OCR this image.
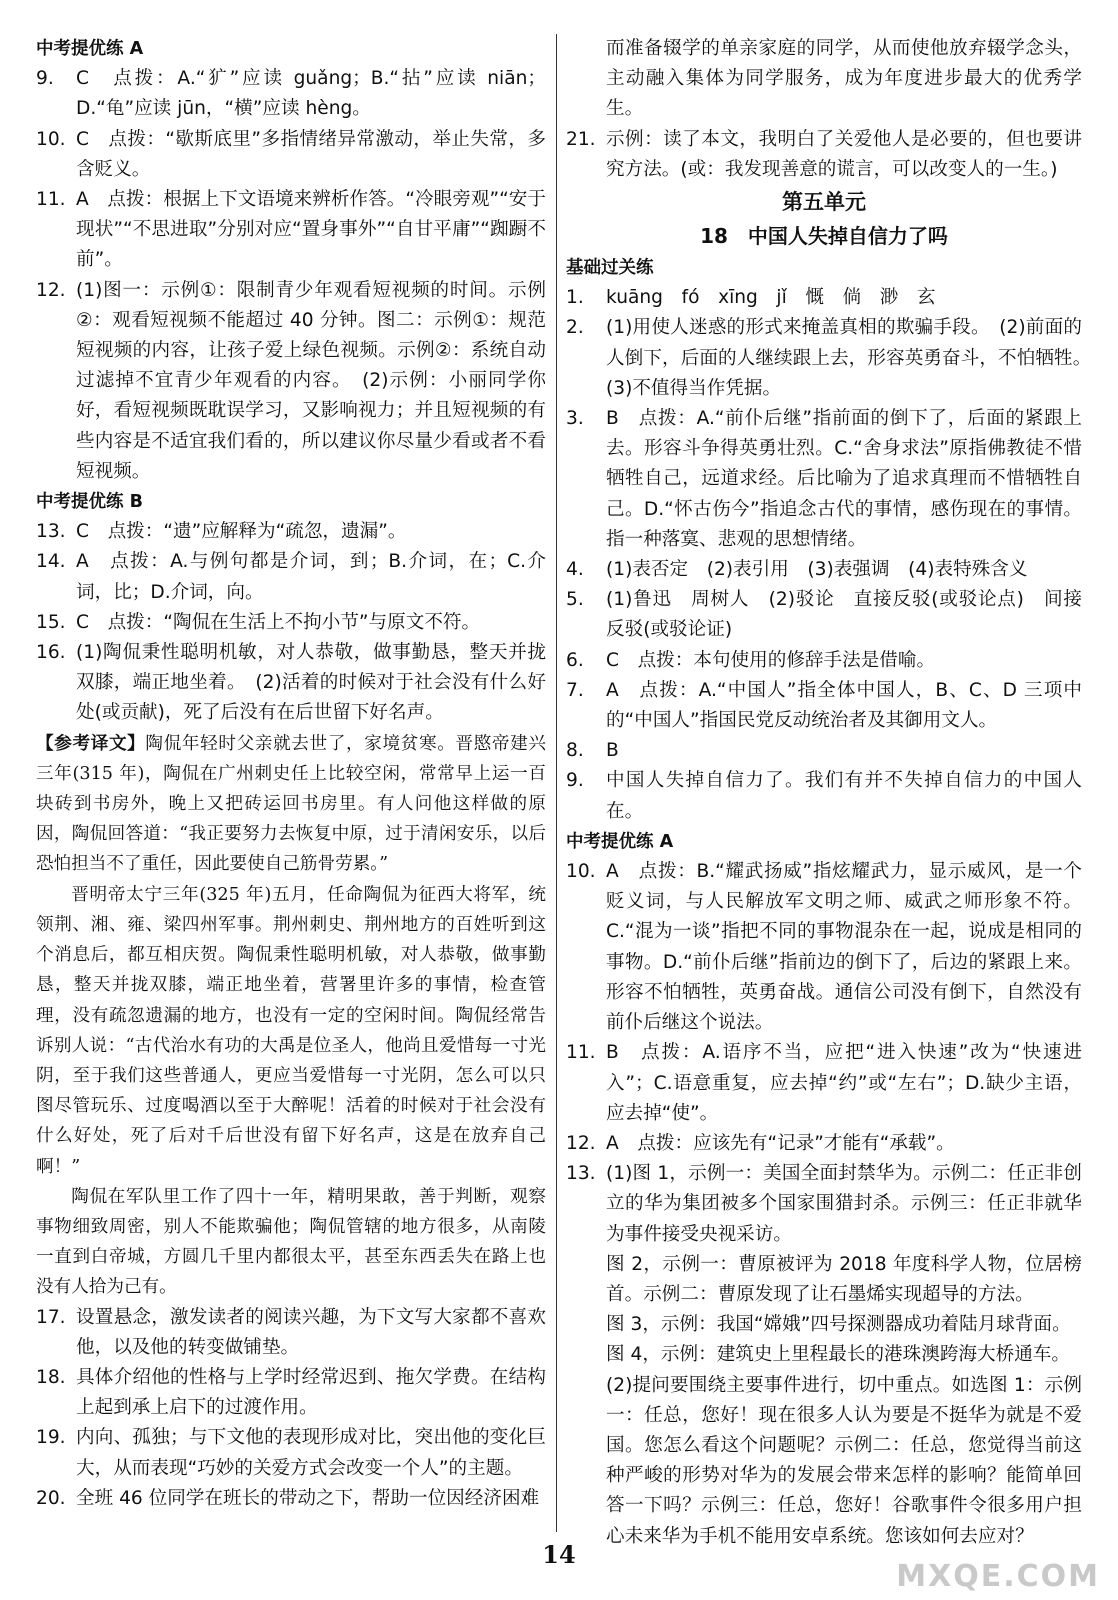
中考提优练 A
9.	C　点拨：A.“犷”应读 guǎng；B.“拈”应读 niān；D.“龟”应读 jūn，“横”应读 hèng。
10. C　点拨：“歇斯底里”多指情绪异常激动，举止失常，多含贬义。
11. A　点拨：根据上下文语境来辨析作答。“冷眼旁观”“安于现状”“不思进取”分别对应“置身事外”“自甘平庸”“踟蹰不前”。
12. (1)图一：示例①：限制青少年观看短视频的时间。示例②：观看短视频不能超过 40 分钟。图二：示例①：规范短视频的内容，让孩子爱上绿色视频。示例②：系统自动过滤掉不宜青少年观看的内容。　(2)示例：小丽同学你好，看短视频既耽误学习，又影响视力；并且短视频的有些内容是不适宜我们看的，所以建议你尽量少看或者不看短视频。
中考提优练 B
13. C　点拨：“遗”应解释为“疏忽，遗漏”。
14. A　点拨：A.与例句都是介词，到；B.介词，在；C.介词，比；D.介词，向。
15. C　点拨：“陶侃在生活上不拘小节”与原文不符。
16. (1)陶侃秉性聪明机敏，对人恭敬，做事勤恳，整天并拢双膝，端正地坐着。　(2)活着的时候对于社会没有什么好处(或贡献)，死了后没有在后世留下好名声。
【参考译文】陶侃年轻时父亲就去世了，家境贫寒。晋愍帝建兴三年(315 年)，陶侃在广州刺史任上比较空闲，常常早上运一百块砖到书房外，晚上又把砖运回书房里。有人问他这样做的原因，陶侃回答道：“我正要努力去恢复中原，过于清闲安乐，以后恐怕担当不了重任，因此要使自己筋骨劳累。”
晋明帝太宁三年(325 年)五月，任命陶侃为征西大将军，统领荆、湘、雍、梁四州军事。荆州刺史、荆州地方的百姓听到这个消息后，都互相庆贺。陶侃秉性聪明机敏，对人恭敬，做事勤恳，整天并拢双膝，端正地坐着，营署里许多的事情，检查管理，没有疏忽遗漏的地方，也没有一定的空闲时间。陶侃经常告诉别人说：“古代治水有功的大禹是位圣人，他尚且爱惜每一寸光阴，至于我们这些普通人，更应当爱惜每一寸光阴，怎么可以只图尽管玩乐、过度喝酒以至于大醉呢！活着的时候对于社会没有什么好处，死了后对千后世没有留下好名声，这是在放弃自己啊！”
陶侃在军队里工作了四十一年，精明果敢，善于判断，观察事物细致周密，别人不能欺骗他；陶侃管辖的地方很多，从南陵一直到白帝城，方圆几千里内都很太平，甚至东西丢失在路上也没有人拾为己有。
17. 设置悬念，激发读者的阅读兴趣，为下文写大家都不喜欢他，以及他的转变做铺垫。
18. 具体介绍他的性格与上学时经常迟到、拖欠学费。在结构上起到承上启下的过渡作用。
19. 内向、孤独；与下文他的表现形成对比，突出他的变化巨大，从而表现“巧妙的关爱方式会改变一个人”的主题。
20. 全班 46 位同学在班长的带动之下，帮助一位因经济困难
而准备辍学的单亲家庭的同学，从而使他放弃辍学念头，主动融入集体为同学服务，成为年度进步最大的优秀学生。
21. 示例：读了本文，我明白了关爱他人是必要的，但也要讲究方法。(或：我发现善意的谎言，可以改变人的一生。)
第五单元
18　中国人失掉自信力了吗
基础过关练
1.	kuāng　fó　xīng　jǐ　慨　倘　渺　玄
2.	(1)用使人迷惑的形式来掩盖真相的欺骗手段。　(2)前面的人倒下，后面的人继续跟上去，形容英勇奋斗，不怕牺牲。　(3)不值得当作凭据。
3.	B　点拨：A.“前仆后继”指前面的倒下了，后面的紧跟上去。形容斗争得英勇壮烈。C.“舍身求法”原指佛教徒不惜牺牲自己，远道求经。后比喻为了追求真理而不惜牺牲自己。D.“怀古伤今”指追念古代的事情，感伤现在的事情。指一种落寞、悲观的思想情绪。
4.	(1)表否定　(2)表引用　(3)表强调　(4)表特殊含义
5.	(1)鲁迅　周树人　(2)驳论　直接反驳(或驳论点)　间接反驳(或驳论证)
6.	C　点拨：本句使用的修辞手法是借喻。
7.	A　点拨：A.“中国人”指全体中国人，B、C、D 三项中的“中国人”指国民党反动统治者及其御用文人。
8.	B
9.	中国人失掉自信力了。我们有并不失掉自信力的中国人在。
中考提优练 A
10. A　点拨：B.“耀武扬威”指炫耀武力，显示威风，是一个贬义词，与人民解放军文明之师、威武之师形象不符。C.“混为一谈”指把不同的事物混杂在一起，说成是相同的事物。D.“前仆后继”指前边的倒下了，后边的紧跟上来。形容不怕牺牲，英勇奋战。通信公司没有倒下，自然没有前仆后继这个说法。
11. B　点拨：A.语序不当，应把“进入快速”改为“快速进入”；C.语意重复，应去掉“约”或“左右”；D.缺少主语，应去掉“使”。
12. A　点拨：应该先有“记录”才能有“承载”。
13. (1)图 1，示例一：美国全面封禁华为。示例二：任正非创立的华为集团被多个国家围猎封杀。示例三：任正非就华为事件接受央视采访。
图 2，示例一：曹原被评为 2018 年度科学人物，位居榜首。示例二：曹原发现了让石墨烯实现超导的方法。
图 3，示例：我国“嫦娥”四号探测器成功着陆月球背面。
图 4，示例：建筑史上里程最长的港珠澳跨海大桥通车。
(2)提问要围绕主要事件进行，切中重点。如选图 1：示例一：任总，您好！现在很多人认为要是不挺华为就是不爱国。您怎么看这个问题呢？示例二：任总，您觉得当前这种严峻的形势对华为的发展会带来怎样的影响？能简单回答一下吗？示例三：任总，您好！谷歌事件令很多用户担心未来华为手机不能用安卓系统。您该如何去应对？
14
MXQE.COM
